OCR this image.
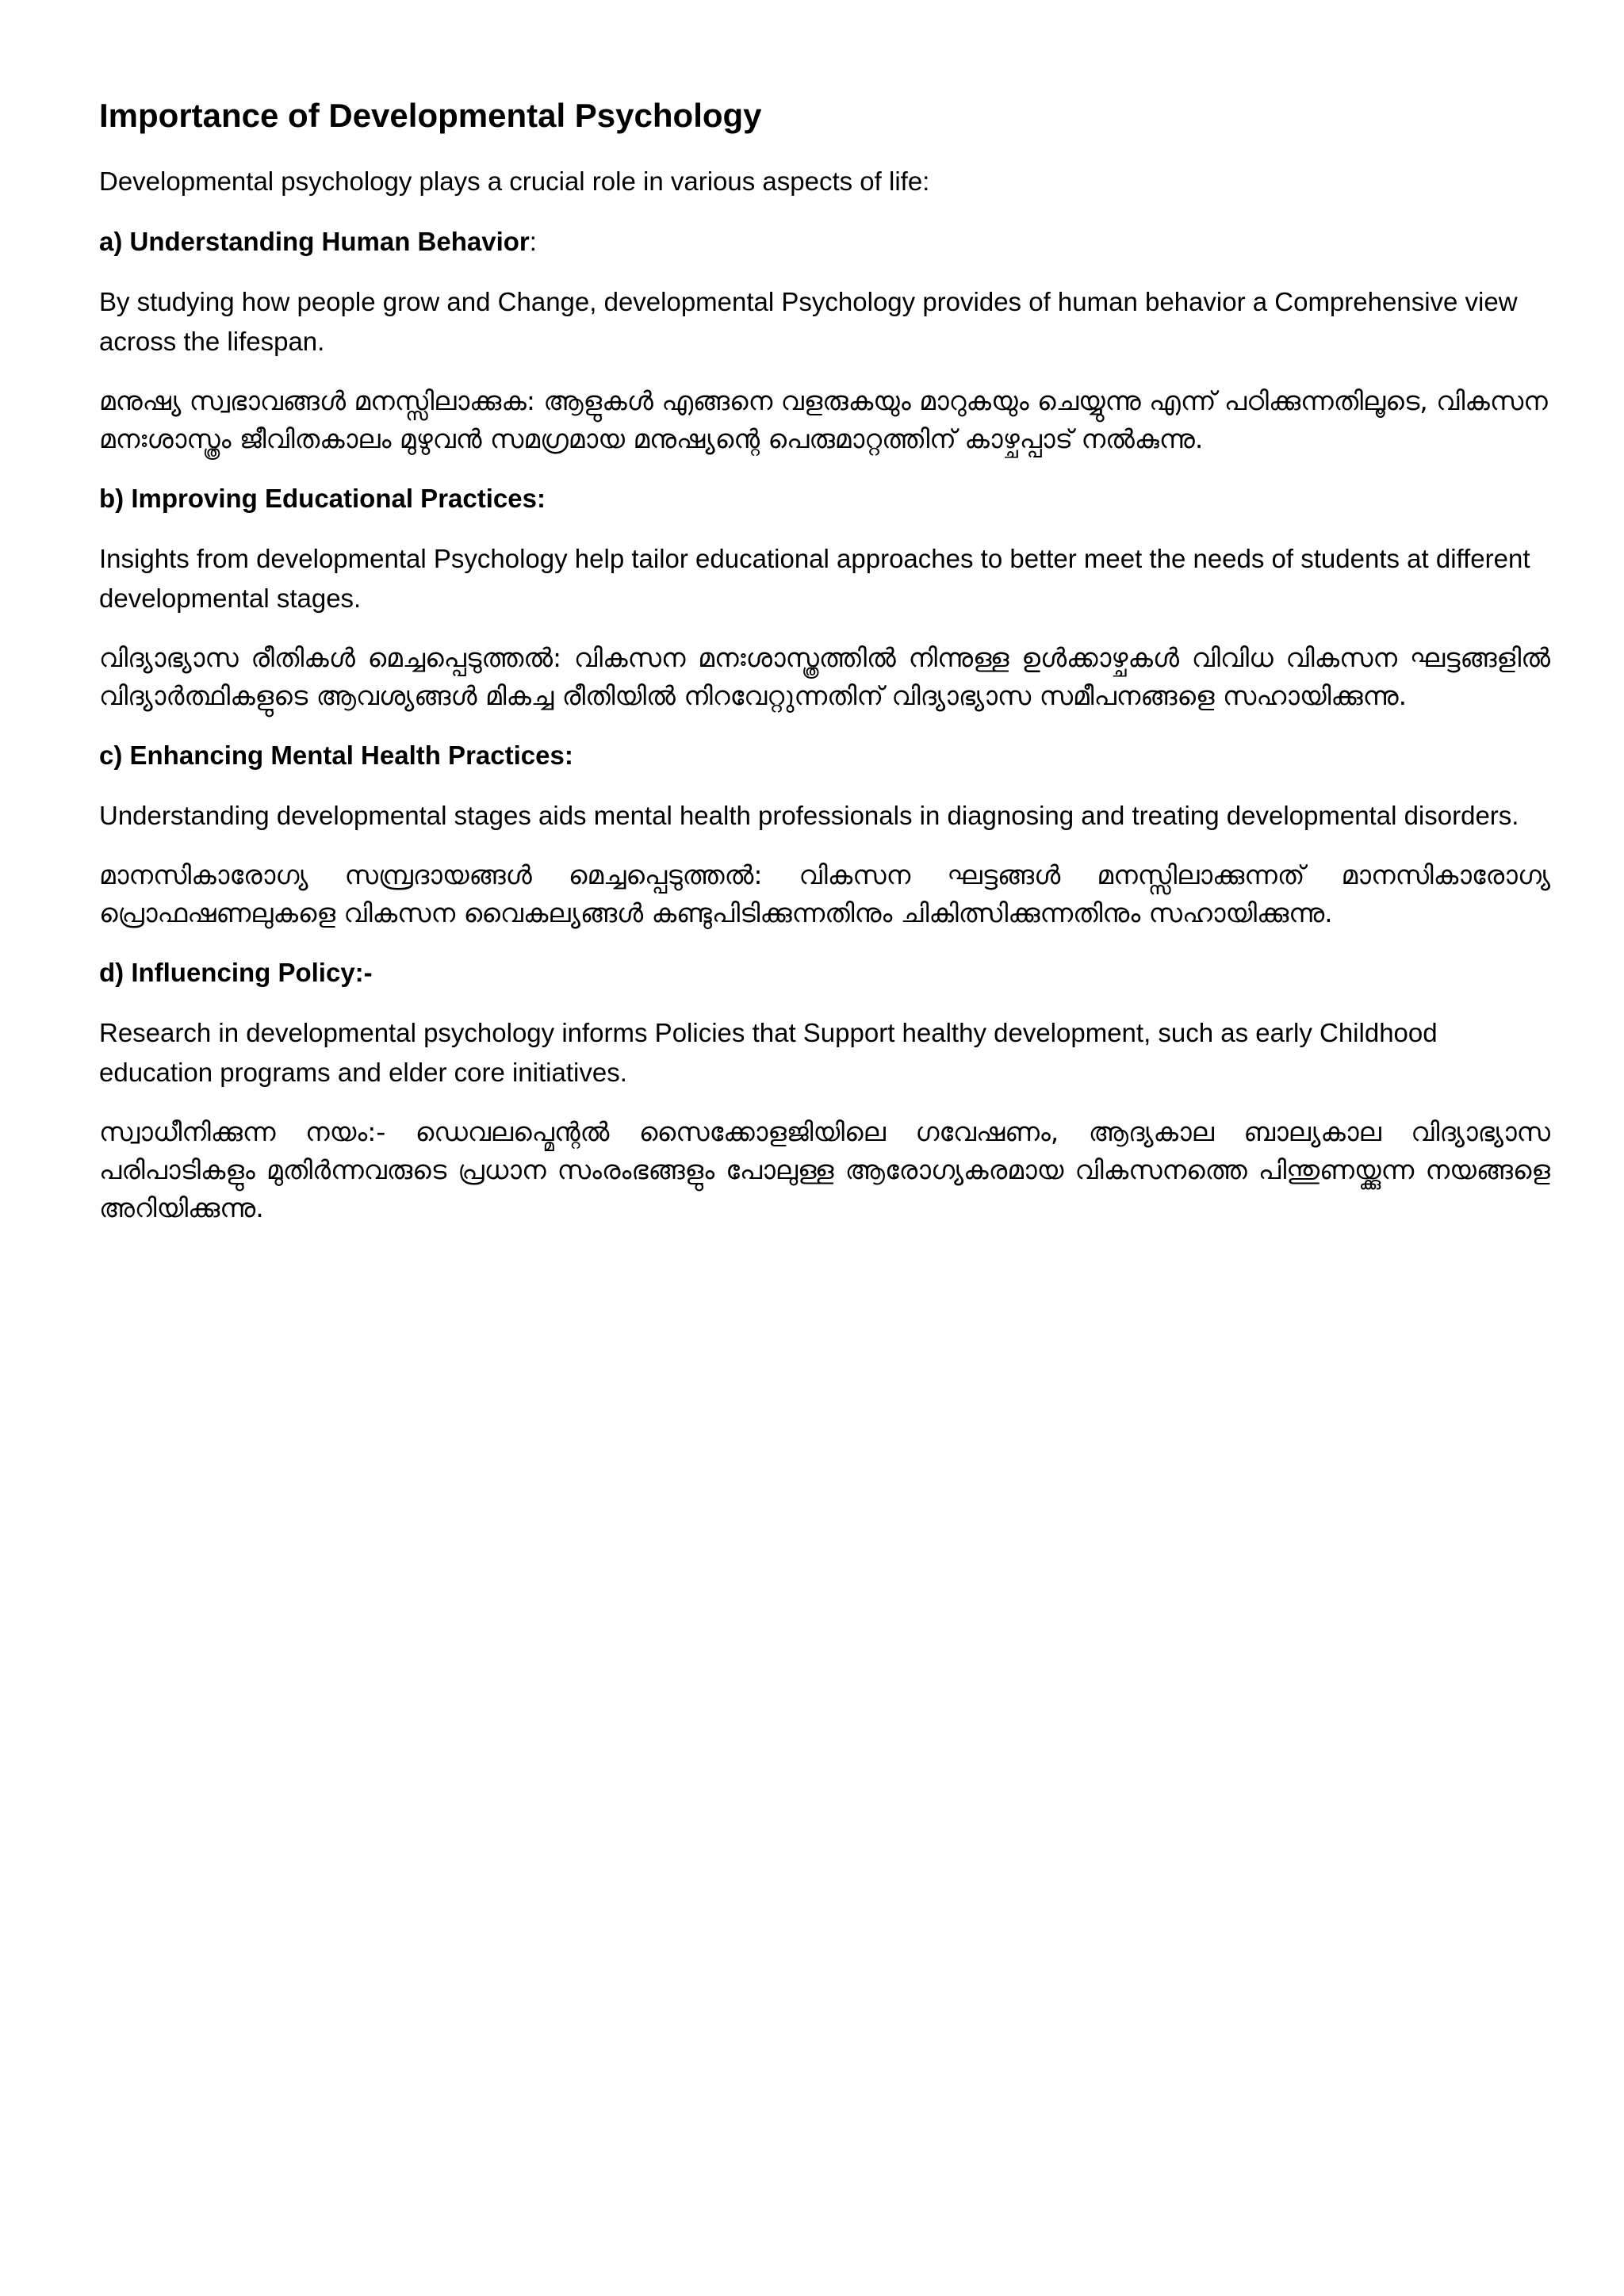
Importance of Developmental Psychology

Developmental psychology plays a crucial role in various aspects of life:

a) Understanding Human Behavior:

By studying how people grow and Change, developmental Psychology provides of human behavior a Comprehensive view across the lifespan.

മനുഷ്യ സ്വഭാവങ്ങൾ മനസ്സിലാക്കുക: ആളുകൾ എങ്ങനെ വളരുകയും മാറുകയും ചെയ്യുന്നു എന്ന് പഠിക്കുന്നതിലൂടെ, വികസന മനഃശാസ്ത്രം ജീവിതകാലം മുഴുവൻ സമഗ്രമായ മനുഷ്യന്റെ പെരുമാറ്റത്തിന് കാഴ്ചപ്പാട് നൽകുന്നു.

b) Improving Educational Practices:

Insights from developmental Psychology help tailor educational approaches to better meet the needs of students at different developmental stages.

വിദ്യാഭ്യാസ രീതികൾ മെച്ചപ്പെടുത്തൽ: വികസന മനഃശാസ്ത്രത്തിൽ നിന്നുള്ള ഉൾക്കാഴ്ചകൾ വിവിധ വികസന ഘട്ടങ്ങളിൽ വിദ്യാർത്ഥികളുടെ ആവശ്യങ്ങൾ മികച്ച രീതിയിൽ നിറവേറ്റുന്നതിന് വിദ്യാഭ്യാസ സമീപനങ്ങളെ സഹായിക്കുന്നു.

c) Enhancing Mental Health Practices:

Understanding developmental stages aids mental health professionals in diagnosing and treating developmental disorders.

മാനസികാരോഗ്യ സമ്പ്രദായങ്ങൾ മെച്ചപ്പെടുത്തൽ: വികസന ഘട്ടങ്ങൾ മനസ്സിലാക്കുന്നത് മാനസികാരോഗ്യ പ്രൊഫഷണലുകളെ വികസന വൈകല്യങ്ങൾ കണ്ടുപിടിക്കുന്നതിനും ചികിത്സിക്കുന്നതിനും സഹായിക്കുന്നു.

d) Influencing Policy:-

Research in developmental psychology informs Policies that Support healthy development, such as early Childhood education programs and elder core initiatives.

സ്വാധീനിക്കുന്ന നയം:- ഡെവലപ്മെന്റൽ സൈക്കോളജിയിലെ ഗവേഷണം, ആദ്യകാല ബാല്യകാല വിദ്യാഭ്യാസ പരിപാടികളും മുതിർന്നവരുടെ പ്രധാന സംരംഭങ്ങളും പോലുള്ള ആരോഗ്യകരമായ വികസനത്തെ പിന്തുണയ്ക്കുന്ന നയങ്ങളെ അറിയിക്കുന്നു.
